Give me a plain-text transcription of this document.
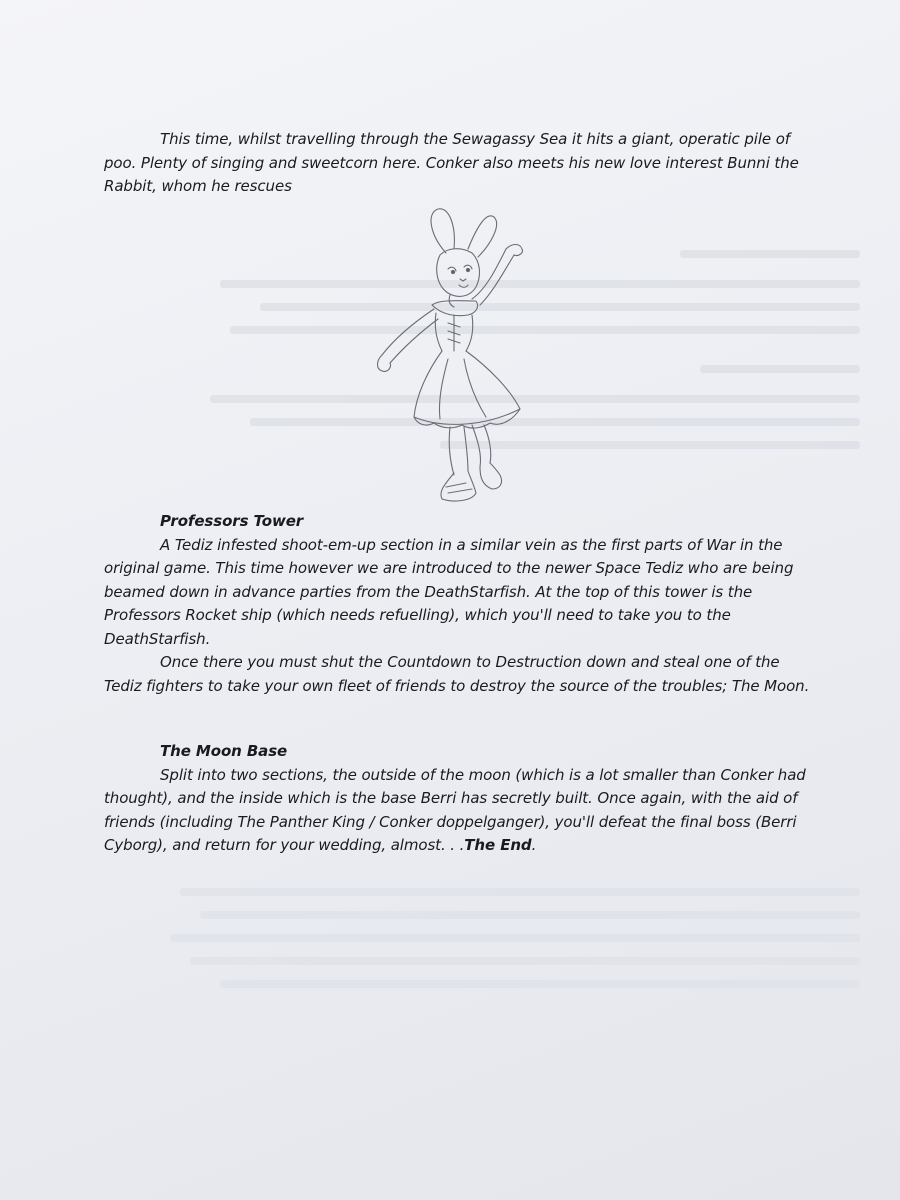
This time, whilst travelling through the Sewagassy Sea it hits a giant, operatic pile of poo. Plenty of singing and sweetcorn here. Conker also meets his new love interest Bunni the Rabbit, whom he rescues

Professors Tower

A Tediz infested shoot-em-up section in a similar vein as the first parts of War in the original game. This time however we are introduced to the newer Space Tediz who are being beamed down in advance parties from the DeathStarfish. At the top of this tower is the Professors Rocket ship (which needs refuelling), which you'll need to take you to the DeathStarfish.

Once there you must shut the Countdown to Destruction down and steal one of the Tediz fighters to take your own fleet of friends to destroy the source of the troubles; The Moon.

The Moon Base

Split into two sections, the outside of the moon (which is a lot smaller than Conker had thought), and the inside which is the base Berri has secretly built. Once again, with the aid of friends (including The Panther King / Conker doppelganger), you'll defeat the final boss (Berri Cyborg), and return for your wedding, almost. . .The End.
